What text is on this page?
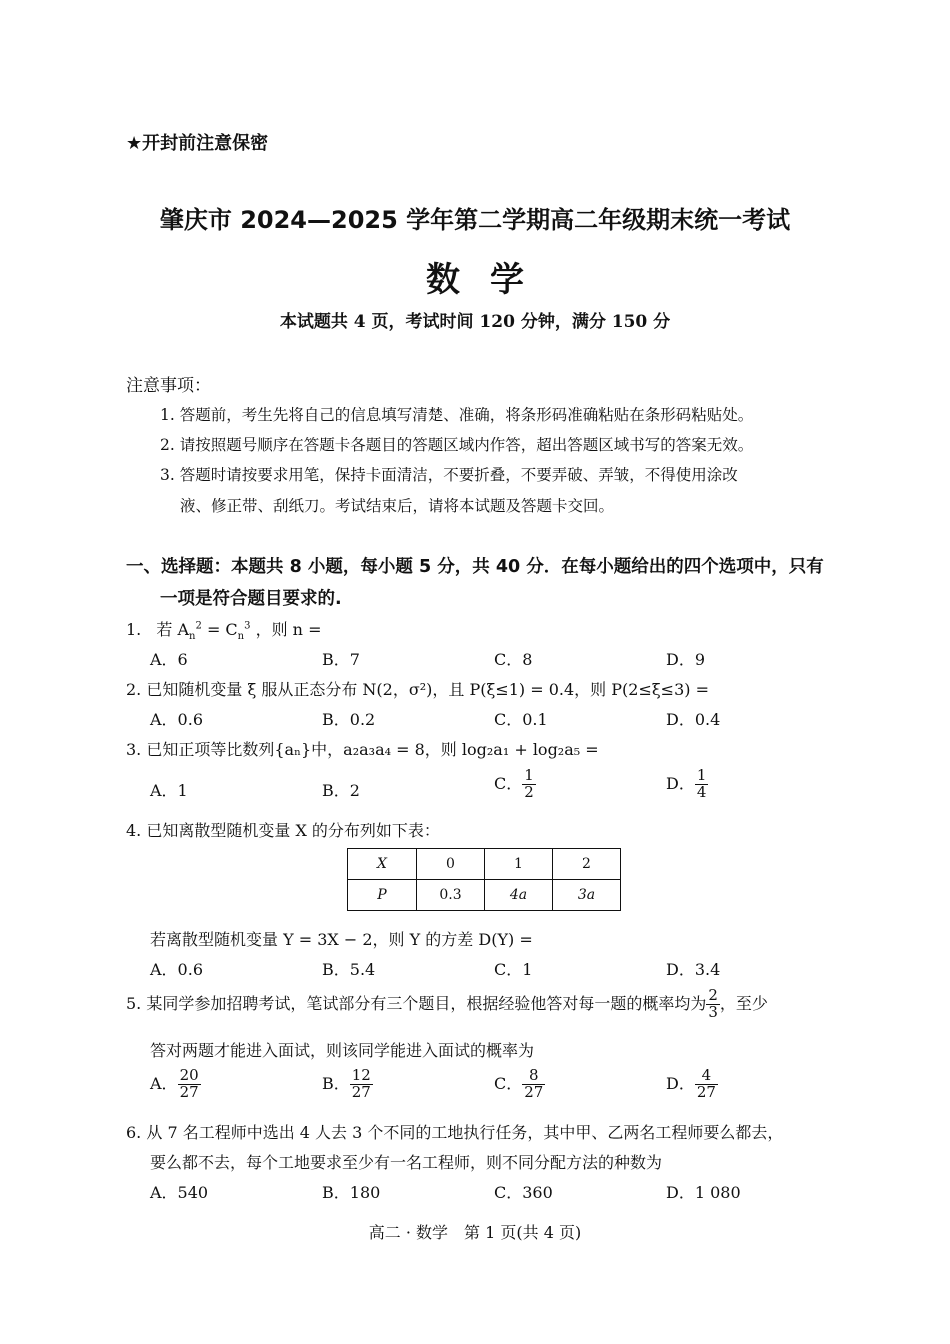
★开封前注意保密
肇庆市 2024—2025 学年第二学期高二年级期末统一考试
数学
本试题共 4 页，考试时间 120 分钟，满分 150 分
注意事项：
1. 答题前，考生先将自己的信息填写清楚、准确，将条形码准确粘贴在条形码粘贴处。
2. 请按照题号顺序在答题卡各题目的答题区域内作答，超出答题区域书写的答案无效。
3. 答题时请按要求用笔，保持卡面清洁，不要折叠，不要弄破、弄皱，不得使用涂改
液、修正带、刮纸刀。考试结束后，请将本试题及答题卡交回。
一、选择题：本题共 8 小题，每小题 5 分，共 40 分．在每小题给出的四个选项中，只有
一项是符合题目要求的.
1. 若 $A_n^2 = C_n^3$ ，则 n =
A．6	B．7	C．8	D．9
2. 已知随机变量 ξ 服从正态分布 N(2，σ²)，且 P(ξ≤1) = 0.4，则 P(2≤ξ≤3) =
A．0.6	B．0.2	C．0.1	D．0.4
3. 已知正项等比数列{aₙ}中，a₂a₃a₄ = 8，则 log₂a₁ + log₂a₅ =
A．1	B．2	C． $\frac{1}{2}$	D． $\frac{1}{4}$
4. 已知离散型随机变量 X 的分布列如下表：
X	0	1	2
P	0.3	4a	3a
若离散型随机变量 Y = 3X − 2，则 Y 的方差 D(Y) =
A．0.6	B．5.4	C．1	D．3.4
5. 某同学参加招聘考试，笔试部分有三个题目，根据经验他答对每一题的概率均为 $\frac{2}{3}$ ，至少
答对两题才能进入面试，则该同学能进入面试的概率为
A． $\frac{20}{27}$	B． $\frac{12}{27}$	C． $\frac{8}{27}$	D． $\frac{4}{27}$
6. 从 7 名工程师中选出 4 人去 3 个不同的工地执行任务，其中甲、乙两名工程师要么都去，
要么都不去，每个工地要求至少有一名工程师，则不同分配方法的种数为
A．540	B．180	C．360	D．1 080
高二 · 数学　第 1 页(共 4 页)
